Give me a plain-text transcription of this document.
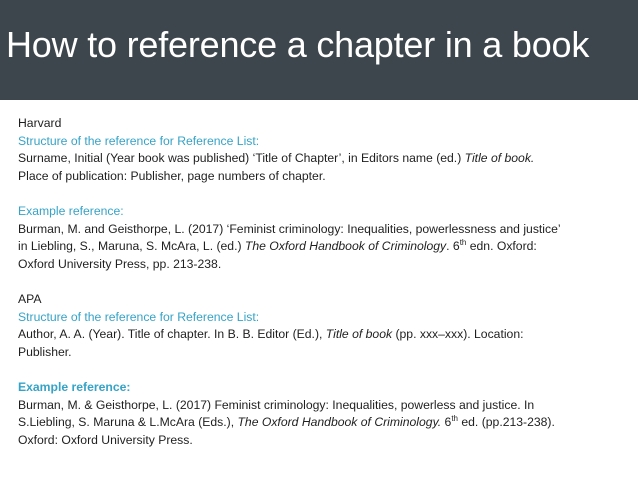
How to reference a chapter in a book
Harvard
Structure of the reference for Reference List:
Surname, Initial (Year book was published) ‘Title of Chapter’, in Editors name (ed.) Title of book.
Place of publication: Publisher, page numbers of chapter.
Example reference:
Burman, M. and Geisthorpe, L. (2017) ‘Feminist criminology: Inequalities, powerlessness and justice’
in Liebling, S., Maruna, S. McAra, L. (ed.) The Oxford Handbook of Criminology. 6th edn. Oxford:
Oxford University Press, pp. 213-238.
APA
Structure of the reference for Reference List:
Author, A. A. (Year). Title of chapter. In B. B. Editor (Ed.), Title of book (pp. xxx–xxx). Location:
Publisher.
Example reference:
Burman, M. & Geisthorpe, L. (2017) Feminist criminology: Inequalities, powerless and justice. In
S.Liebling, S. Maruna & L.McAra (Eds.), The Oxford Handbook of Criminology. 6th ed. (pp.213-238).
Oxford: Oxford University Press.
